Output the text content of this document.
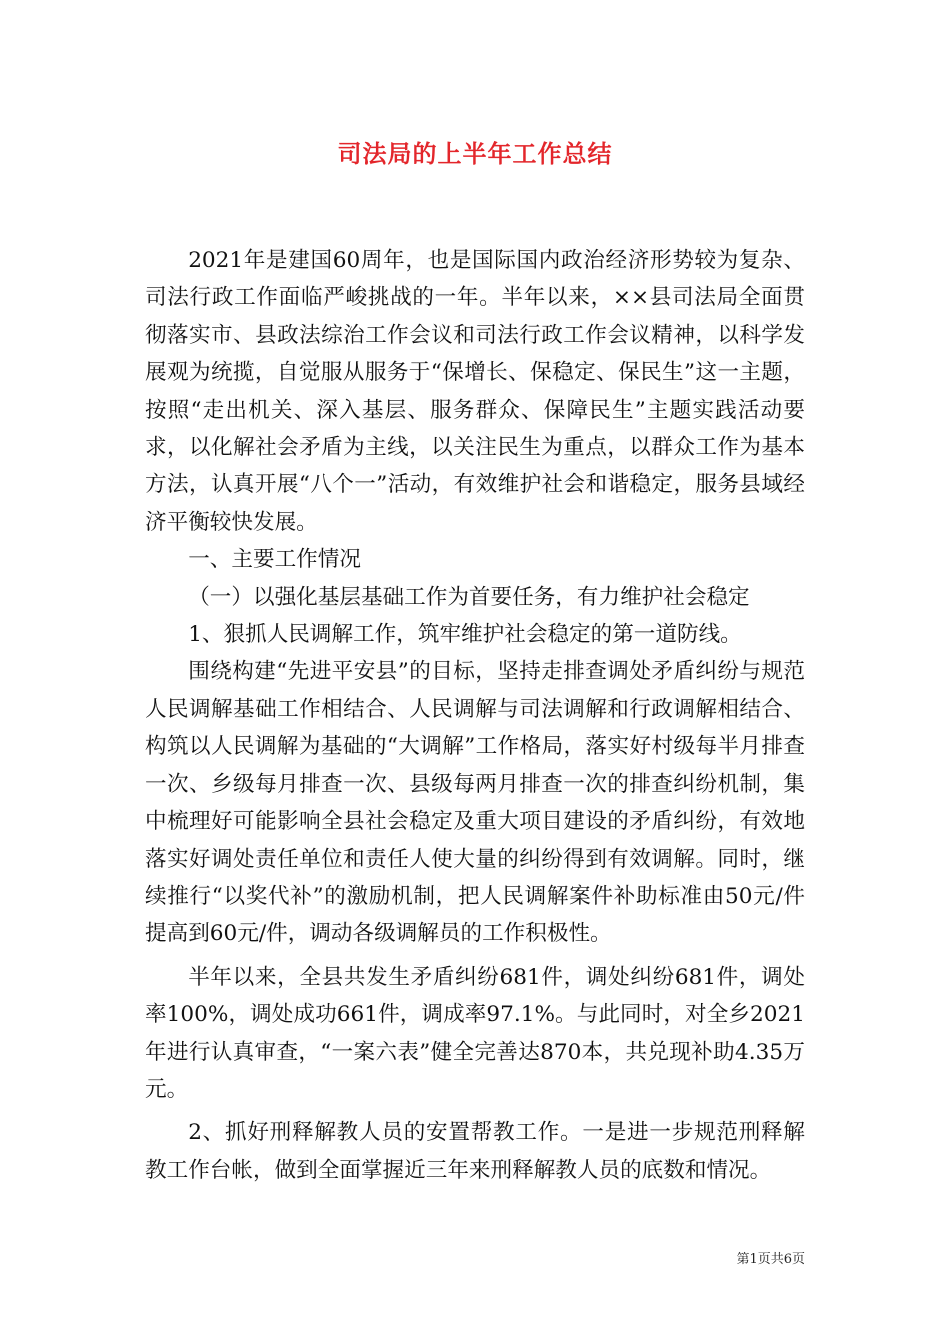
司法局的上半年工作总结

2021年是建国60周年，也是国际国内政治经济形势较为复杂、司法行政工作面临严峻挑战的一年。半年以来，××县司法局全面贯彻落实市、县政法综治工作会议和司法行政工作会议精神，以科学发展观为统揽，自觉服从服务于“保增长、保稳定、保民生”这一主题，按照“走出机关、深入基层、服务群众、保障民生”主题实践活动要求，以化解社会矛盾为主线，以关注民生为重点，以群众工作为基本方法，认真开展“八个一”活动，有效维护社会和谐稳定，服务县域经济平衡较快发展。

一、主要工作情况

（一）以强化基层基础工作为首要任务，有力维护社会稳定

1、狠抓人民调解工作，筑牢维护社会稳定的第一道防线。

围绕构建“先进平安县”的目标，坚持走排查调处矛盾纠纷与规范人民调解基础工作相结合、人民调解与司法调解和行政调解相结合、构筑以人民调解为基础的“大调解”工作格局，落实好村级每半月排查一次、乡级每月排查一次、县级每两月排查一次的排查纠纷机制，集中梳理好可能影响全县社会稳定及重大项目建设的矛盾纠纷，有效地落实好调处责任单位和责任人使大量的纠纷得到有效调解。同时，继续推行“以奖代补”的激励机制，把人民调解案件补助标准由50元/件提高到60元/件，调动各级调解员的工作积极性。

半年以来，全县共发生矛盾纠纷681件，调处纠纷681件，调处率100%，调处成功661件，调成率97.1%。与此同时，对全乡2021年进行认真审查，“一案六表”健全完善达870本，共兑现补助4.35万元。

2、抓好刑释解教人员的安置帮教工作。一是进一步规范刑释解教工作台帐，做到全面掌握近三年来刑释解教人员的底数和情况。

第1页共6页
